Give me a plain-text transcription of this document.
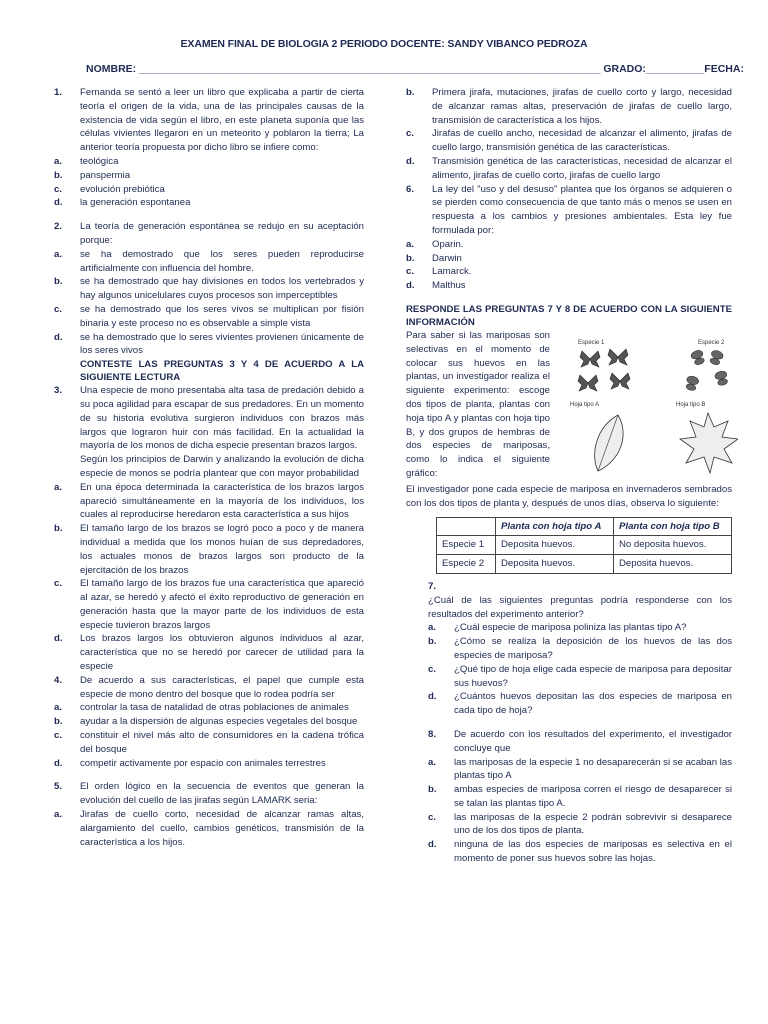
EXAMEN FINAL DE BIOLOGIA 2 PERIODO DOCENTE: SANDY VIBANCO PEDROZA
NOMBRE: _______________________________________________________________________________ GRADO:__________FECHA:
1.	Fernanda se sentó a leer un libro que explicaba a partir de cierta teoría el origen de la vida, una de las principales causas de la existencia de vida según el libro, en este planeta suponía que las células vivientes llegaron en un meteorito y poblaron la tierra; La anterior teoría propuesta por dicho libro se infiere como:
a.	teológica
b.	panspermia
c.	evolución prebiótica
d.	la generación espontanea
2.	La teoría de generación espontánea se redujo en su aceptación porque:
a.	se ha demostrado que los seres pueden reproducirse artificialmente con influencia del hombre.
b.	se ha demostrado que hay divisiones en todos los vertebrados y hay algunos unicelulares cuyos procesos son imperceptibles
c.	se ha demostrado que los seres vivos se multiplican por fisión binaria y este proceso no es observable a simple vista
d.	se ha demostrado que lo seres vivientes provienen únicamente de los seres vivos
CONTESTE LAS PREGUNTAS 3 Y 4 DE ACUERDO A LA SIGUIENTE LECTURA
3.	Una especie de mono presentaba alta tasa de predación debido a su poca agilidad para escapar de sus predadores. En un momento de su historia evolutiva surgieron individuos con brazos más largos que lograron huir con más facilidad. En la actualidad la mayoría de los monos de dicha especie presentan brazos largos.
Según los principios de Darwin y analizando la evolución de dicha especie de monos se podría plantear que con mayor probabilidad
a.	En una época determinada la característica de los brazos largos apareció simultáneamente en la mayoría de los individuos, los cuales al reproducirse heredaron esta característica a sus hijos
b.	El tamaño largo de los brazos se logró poco a poco y de manera individual a medida que los monos huían de sus depredadores, los actuales monos de brazos largos son producto de la ejercitación de los brazos
c.	El tamaño largo de los brazos fue una característica que apareció al azar, se heredó y afectó el éxito reproductivo de generación en generación hasta que la mayor parte de los individuos de esta especie tuvieron brazos largos
d.	Los brazos largos los obtuvieron algunos individuos al azar, característica que no se heredó por carecer de utilidad para la especie
4.	De acuerdo a sus características, el papel que cumple esta especie de mono dentro del bosque que lo rodea podría ser
a.	controlar la tasa de natalidad de otras poblaciones de animales
b.	ayudar a la dispersión de algunas especies vegetales del bosque
c.	constituir el nivel más alto de consumidores en la cadena trófica del bosque
d.	competir activamente por espacio con animales terrestres
5.	El orden lógico en la secuencia de eventos que generan la evolución del cuello de las jirafas según LAMARK seria:
a.	Jirafas de cuello corto, necesidad de alcanzar ramas altas, alargamiento del cuello, cambios genéticos, transmisión de la característica a los hijos.
b.	Primera jirafa, mutaciones, jirafas de cuello corto y largo, necesidad de alcanzar ramas altas, preservación de jirafas de cuello largo, transmisión de característica a los hijos.
c.	Jirafas de cuello ancho, necesidad de alcanzar el alimento, jirafas de cuello largo, transmisión genética de las características.
d.	Transmisión genética de las características, necesidad de alcanzar el alimento, jirafas de cuello corto, jirafas de cuello largo
6.	La ley del "uso y del desuso" plantea que los órganos se adquieren o se pierden como consecuencia de que tanto más o menos se usen en respuesta a los cambios y presiones ambientales. Esta ley fue formulada por:
a.	Oparin.
b.	Darwin
c.	Lamarck.
d.	Malthus
RESPONDE LAS PREGUNTAS 7 Y 8 DE ACUERDO CON LA SIGUIENTE INFORMACIÓN
Para saber si las mariposas son selectivas en el momento de colocar sus huevos en las plantas, un investigador realiza el siguiente experimento: escoge dos tipos de planta, plantas con hoja tipo A y plantas con hoja tipo B, y dos grupos de hembras de dos especies de mariposas, como lo indica el siguiente gráfico:
Especie 1	Especie 2
Hoja tipo A	Hoja tipo B
El investigador pone cada especie de mariposa en invernaderos sembrados con los dos tipos de planta y, después de unos días, observa lo siguiente:
	Planta con hoja tipo A	Planta con hoja tipo B
Especie 1	Deposita huevos.	No deposita huevos.
Especie 2	Deposita huevos.	Deposita huevos.
7.
¿Cuál de las siguientes preguntas podría responderse con los resultados del experimento anterior?
a.	¿Cuál especie de mariposa poliniza las plantas tipo A?
b.	¿Cómo se realiza la deposición de los huevos de las dos especies de mariposa?
c.	¿Qué tipo de hoja elige cada especie de mariposa para depositar sus huevos?
d.	¿Cuántos huevos depositan las dos especies de mariposa en cada tipo de hoja?
8.	De acuerdo con los resultados del experimento, el investigador concluye que
a.	las mariposas de la especie 1 no desaparecerán si se acaban las plantas tipo A
b.	ambas especies de mariposa corren el riesgo de desaparecer si se talan las plantas tipo A.
c.	las mariposas de la especie 2 podrán sobrevivir si desaparece uno de los dos tipos de planta.
d.	ninguna de las dos especies de mariposas es selectiva en el momento de poner sus huevos sobre las hojas.
